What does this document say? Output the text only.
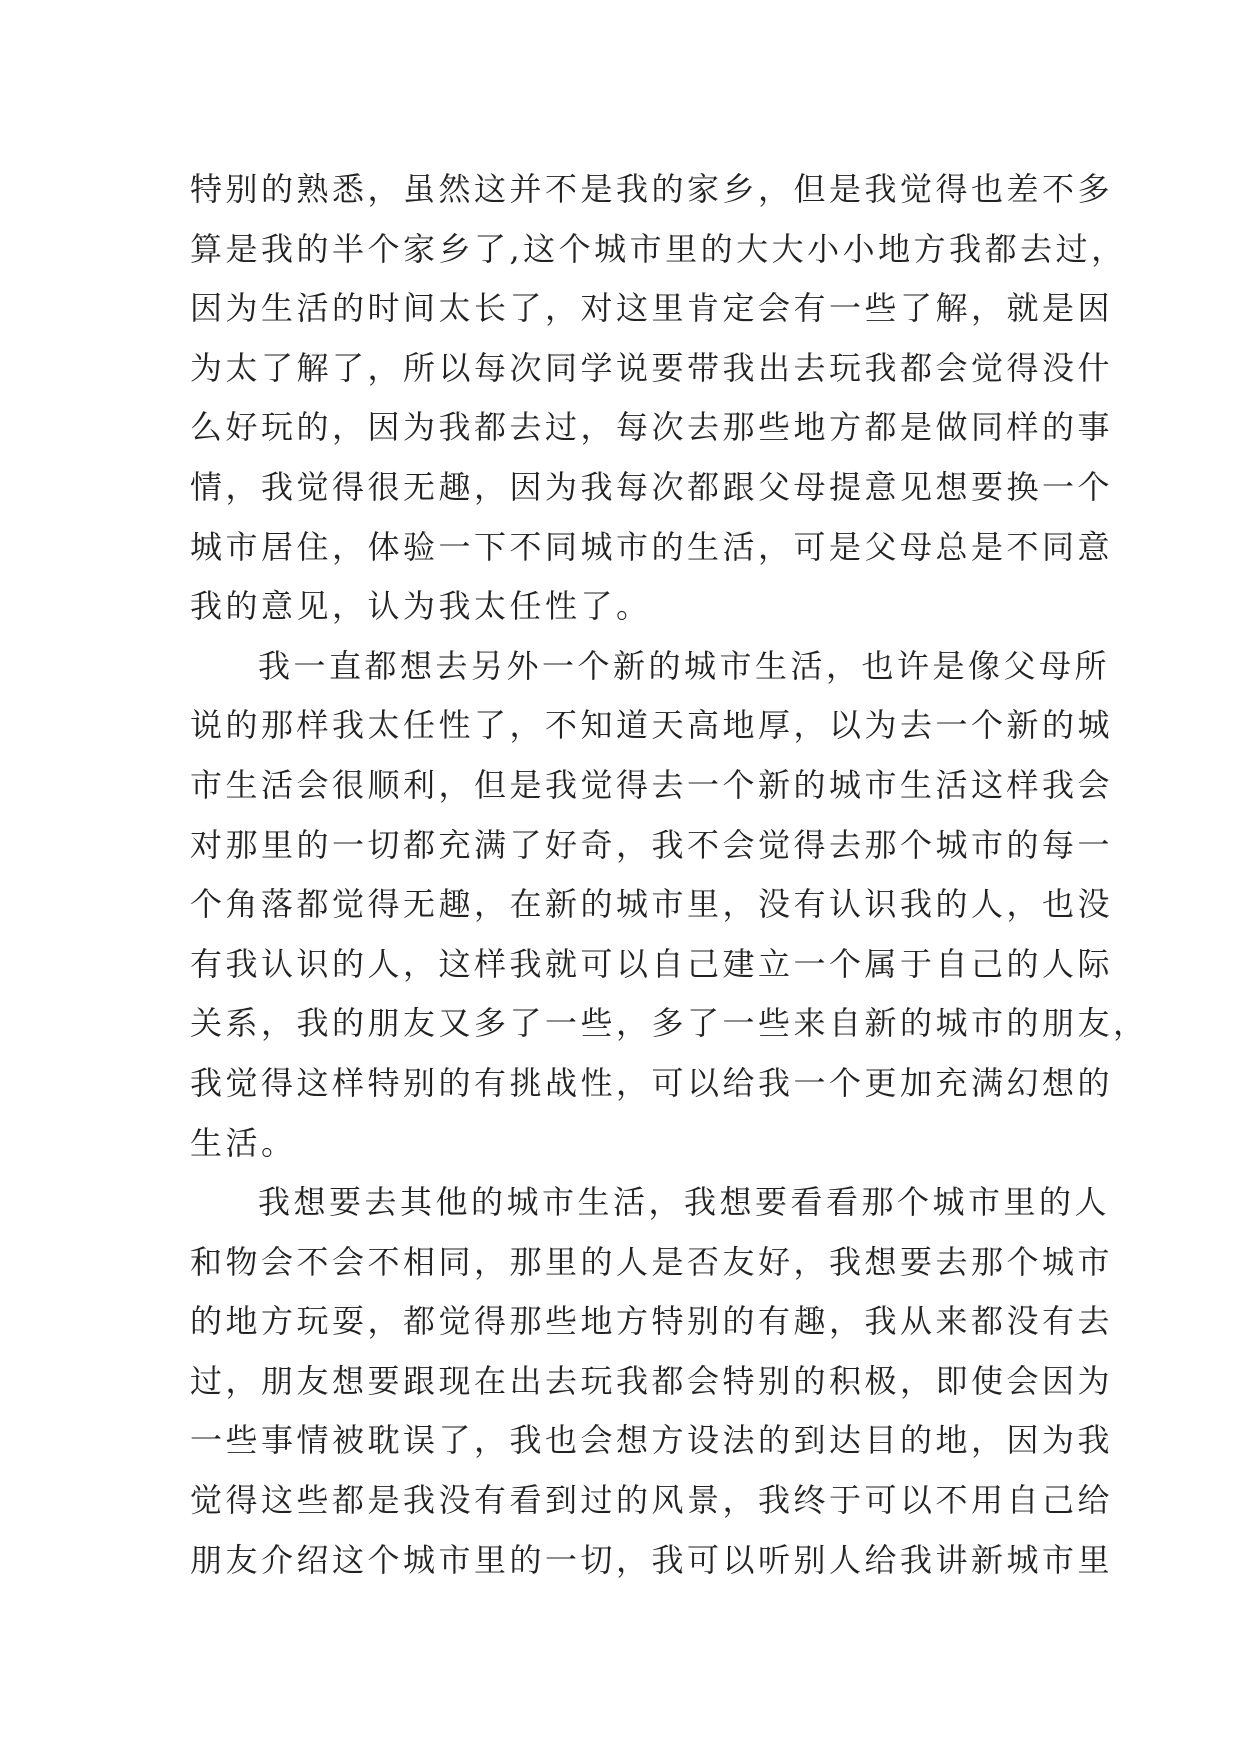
特别的熟悉，虽然这并不是我的家乡，但是我觉得也差不多
算是我的半个家乡了,这个城市里的大大小小地方我都去过，
因为生活的时间太长了，对这里肯定会有一些了解，就是因
为太了解了，所以每次同学说要带我出去玩我都会觉得没什
么好玩的，因为我都去过，每次去那些地方都是做同样的事
情，我觉得很无趣，因为我每次都跟父母提意见想要换一个
城市居住，体验一下不同城市的生活，可是父母总是不同意
我的意见，认为我太任性了。
我一直都想去另外一个新的城市生活，也许是像父母所
说的那样我太任性了，不知道天高地厚，以为去一个新的城
市生活会很顺利，但是我觉得去一个新的城市生活这样我会
对那里的一切都充满了好奇，我不会觉得去那个城市的每一
个角落都觉得无趣，在新的城市里，没有认识我的人，也没
有我认识的人，这样我就可以自己建立一个属于自己的人际
关系，我的朋友又多了一些，多了一些来自新的城市的朋友，
我觉得这样特别的有挑战性，可以给我一个更加充满幻想的
生活。
我想要去其他的城市生活，我想要看看那个城市里的人
和物会不会不相同，那里的人是否友好，我想要去那个城市
的地方玩耍，都觉得那些地方特别的有趣，我从来都没有去
过，朋友想要跟现在出去玩我都会特别的积极，即使会因为
一些事情被耽误了，我也会想方设法的到达目的地，因为我
觉得这些都是我没有看到过的风景，我终于可以不用自己给
朋友介绍这个城市里的一切，我可以听别人给我讲新城市里
